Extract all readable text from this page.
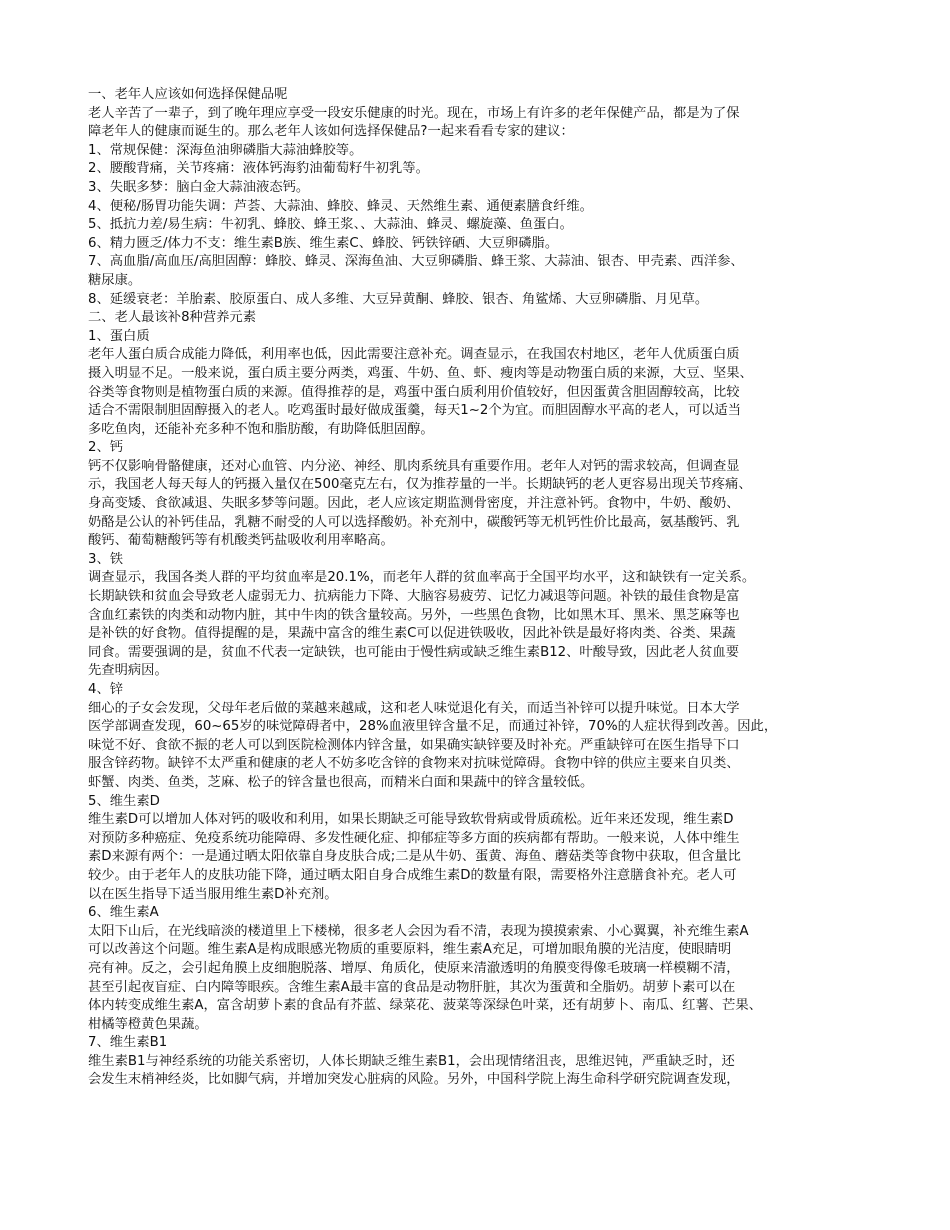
一、老年人应该如何选择保健品呢
老人辛苦了一辈子，到了晚年理应享受一段安乐健康的时光。现在，市场上有许多的老年保健产品，都是为了保
障老年人的健康而诞生的。那么老年人该如何选择保健品?一起来看看专家的建议：
1、常规保健：深海鱼油卵磷脂大蒜油蜂胶等。
2、腰酸背痛，关节疼痛：液体钙海豹油葡萄籽牛初乳等。
3、失眠多梦：脑白金大蒜油液态钙。
4、便秘/肠胃功能失调：芦荟、大蒜油、蜂胶、蜂灵、天然维生素、通便素膳食纤维。
5、抵抗力差/易生病：牛初乳、蜂胶、蜂王浆、、大蒜油、蜂灵、螺旋藻、鱼蛋白。
6、精力匮乏/体力不支：维生素B族、维生素C、蜂胶、钙铁锌硒、大豆卵磷脂。
7、高血脂/高血压/高胆固醇：蜂胶、蜂灵、深海鱼油、大豆卵磷脂、蜂王浆、大蒜油、银杏、甲壳素、西洋参、
糖尿康。
8、延缓衰老：羊胎素、胶原蛋白、成人多维、大豆异黄酮、蜂胶、银杏、角鲨烯、大豆卵磷脂、月见草。
二、老人最该补8种营养元素
1、蛋白质
老年人蛋白质合成能力降低，利用率也低，因此需要注意补充。调查显示，在我国农村地区，老年人优质蛋白质
摄入明显不足。一般来说，蛋白质主要分两类，鸡蛋、牛奶、鱼、虾、瘦肉等是动物蛋白质的来源，大豆、坚果、
谷类等食物则是植物蛋白质的来源。值得推荐的是，鸡蛋中蛋白质利用价值较好，但因蛋黄含胆固醇较高，比较
适合不需限制胆固醇摄入的老人。吃鸡蛋时最好做成蛋羹，每天1~2个为宜。而胆固醇水平高的老人，可以适当
多吃鱼肉，还能补充多种不饱和脂肪酸，有助降低胆固醇。
2、钙
钙不仅影响骨骼健康，还对心血管、内分泌、神经、肌肉系统具有重要作用。老年人对钙的需求较高，但调查显
示，我国老人每天每人的钙摄入量仅在500毫克左右，仅为推荐量的一半。长期缺钙的老人更容易出现关节疼痛、
身高变矮、食欲减退、失眠多梦等问题。因此，老人应该定期监测骨密度，并注意补钙。食物中，牛奶、酸奶、
奶酪是公认的补钙佳品，乳糖不耐受的人可以选择酸奶。补充剂中，碳酸钙等无机钙性价比最高，氨基酸钙、乳
酸钙、葡萄糖酸钙等有机酸类钙盐吸收利用率略高。
3、铁
调查显示，我国各类人群的平均贫血率是20.1%，而老年人群的贫血率高于全国平均水平，这和缺铁有一定关系。
长期缺铁和贫血会导致老人虚弱无力、抗病能力下降、大脑容易疲劳、记忆力减退等问题。补铁的最佳食物是富
含血红素铁的肉类和动物内脏，其中牛肉的铁含量较高。另外，一些黑色食物，比如黑木耳、黑米、黑芝麻等也
是补铁的好食物。值得提醒的是，果蔬中富含的维生素C可以促进铁吸收，因此补铁是最好将肉类、谷类、果蔬
同食。需要强调的是，贫血不代表一定缺铁，也可能由于慢性病或缺乏维生素B12、叶酸导致，因此老人贫血要
先查明病因。
4、锌
细心的子女会发现，父母年老后做的菜越来越咸，这和老人味觉退化有关，而适当补锌可以提升味觉。日本大学
医学部调查发现，60~65岁的味觉障碍者中，28%血液里锌含量不足，而通过补锌，70%的人症状得到改善。因此，
味觉不好、食欲不振的老人可以到医院检测体内锌含量，如果确实缺锌要及时补充。严重缺锌可在医生指导下口
服含锌药物。缺锌不太严重和健康的老人不妨多吃含锌的食物来对抗味觉障碍。食物中锌的供应主要来自贝类、
虾蟹、肉类、鱼类，芝麻、松子的锌含量也很高，而精米白面和果蔬中的锌含量较低。
5、维生素D
维生素D可以增加人体对钙的吸收和利用，如果长期缺乏可能导致软骨病或骨质疏松。近年来还发现，维生素D
对预防多种癌症、免疫系统功能障碍、多发性硬化症、抑郁症等多方面的疾病都有帮助。一般来说，人体中维生
素D来源有两个：一是通过晒太阳依靠自身皮肤合成;二是从牛奶、蛋黄、海鱼、蘑菇类等食物中获取，但含量比
较少。由于老年人的皮肤功能下降，通过晒太阳自身合成维生素D的数量有限，需要格外注意膳食补充。老人可
以在医生指导下适当服用维生素D补充剂。
6、维生素A
太阳下山后，在光线暗淡的楼道里上下楼梯，很多老人会因为看不清，表现为摸摸索索、小心翼翼，补充维生素A
可以改善这个问题。维生素A是构成眼感光物质的重要原料，维生素A充足，可增加眼角膜的光洁度，使眼睛明
亮有神。反之，会引起角膜上皮细胞脱落、增厚、角质化，使原来清澈透明的角膜变得像毛玻璃一样模糊不清，
甚至引起夜盲症、白内障等眼疾。含维生素A最丰富的食品是动物肝脏，其次为蛋黄和全脂奶。胡萝卜素可以在
体内转变成维生素A，富含胡萝卜素的食品有芥蓝、绿菜花、菠菜等深绿色叶菜，还有胡萝卜、南瓜、红薯、芒果、
柑橘等橙黄色果蔬。
7、维生素B1
维生素B1与神经系统的功能关系密切，人体长期缺乏维生素B1，会出现情绪沮丧，思维迟钝，严重缺乏时，还
会发生末梢神经炎，比如脚气病，并增加突发心脏病的风险。另外，中国科学院上海生命科学研究院调查发现，
